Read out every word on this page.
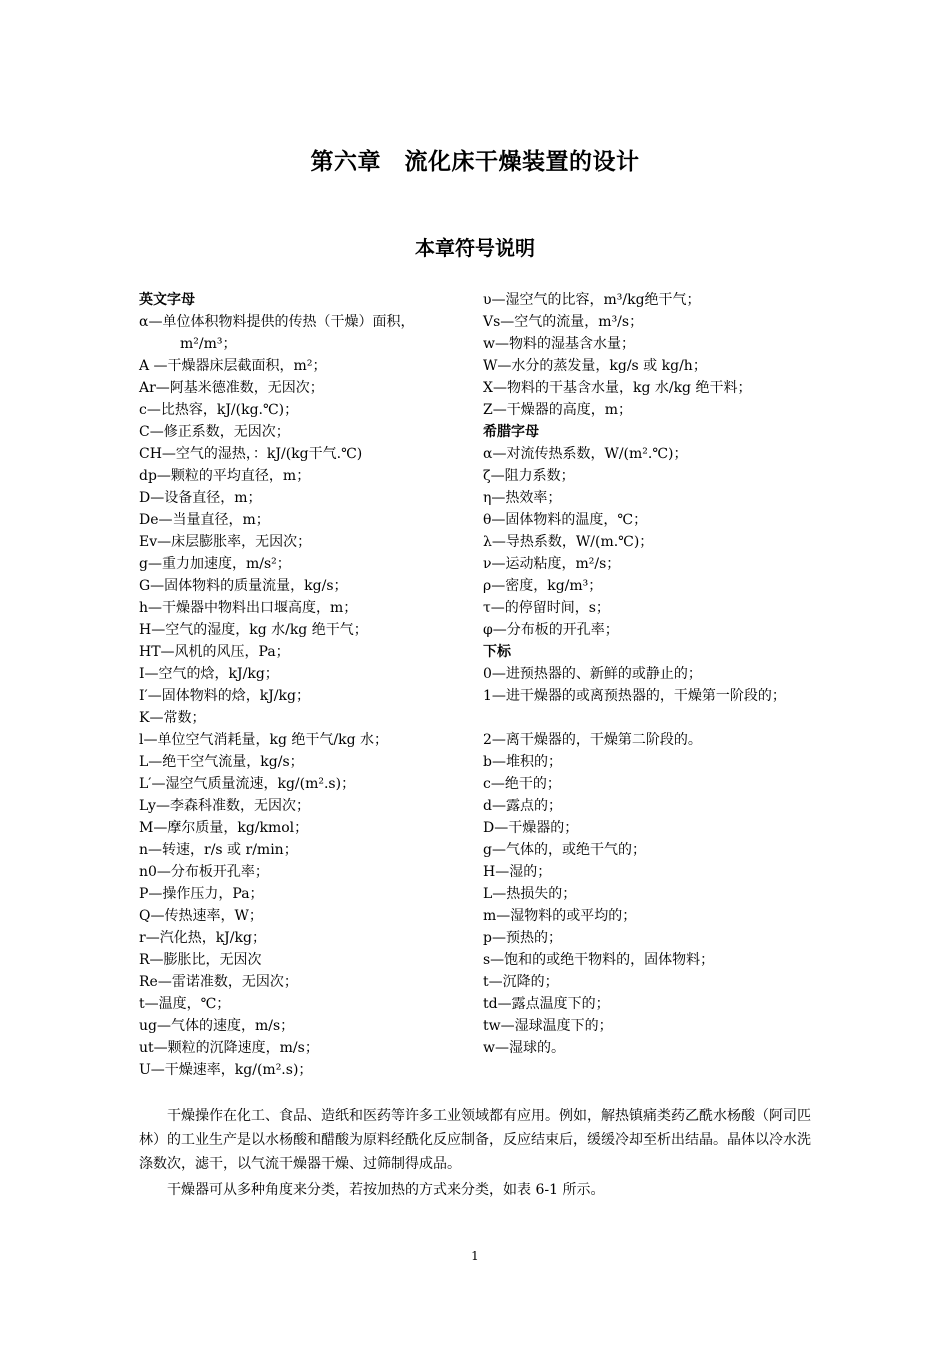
第六章　流化床干燥装置的设计
本章符号说明
英文字母
α—单位体积物料提供的传热（干燥）面积，
m²/m³；
A —干燥器床层截面积，m²；
Ar—阿基米德准数，无因次；
c—比热容，kJ/(kg.℃)；
C—修正系数，无因次；
CH—空气的湿热，：kJ/(kg干气.℃)
dp—颗粒的平均直径，m；
D—设备直径，m；
De—当量直径，m；
Ev—床层膨胀率，无因次；
g—重力加速度，m/s²；
G—固体物料的质量流量，kg/s；
h—干燥器中物料出口堰高度，m；
H—空气的湿度，kg 水/kg 绝干气；
HT—风机的风压，Pa；
I—空气的焓，kJ/kg；
I′—固体物料的焓，kJ/kg；
K—常数；
l—单位空气消耗量，kg 绝干气/kg 水；
L—绝干空气流量，kg/s；
L′—湿空气质量流速，kg/(m².s)；
Ly—李森科准数，无因次；
M—摩尔质量，kg/kmol；
n—转速，r/s 或 r/min；
n0—分布板开孔率；
P—操作压力，Pa；
Q—传热速率，W；
r—汽化热，kJ/kg；
R—膨胀比，无因次
Re—雷诺准数，无因次；
t—温度，℃；
ug—气体的速度，m/s；
ut—颗粒的沉降速度，m/s；
U—干燥速率，kg/(m².s)；
υ—湿空气的比容，m³/kg绝干气；
Vs—空气的流量，m³/s；
w—物料的湿基含水量；
W—水分的蒸发量，kg/s 或 kg/h；
X—物料的干基含水量，kg 水/kg 绝干料；
Z—干燥器的高度，m；
希腊字母
α—对流传热系数，W/(m².℃)；
ζ—阻力系数；
η—热效率；
θ—固体物料的温度，℃；
λ—导热系数，W/(m.℃)；
ν—运动粘度，m²/s；
ρ—密度，kg/m³；
τ—的停留时间，s；
φ—分布板的开孔率；
下标
0—进预热器的、新鲜的或静止的；
1—进干燥器的或离预热器的，干燥第一阶段的；
2—离干燥器的，干燥第二阶段的。
b—堆积的；
c—绝干的；
d—露点的；
D—干燥器的；
g—气体的，或绝干气的；
H—湿的；
L—热损失的；
m—湿物料的或平均的；
p—预热的；
s—饱和的或绝干物料的，固体物料；
t—沉降的；
td—露点温度下的；
tw—湿球温度下的；
w—湿球的。
干燥操作在化工、食品、造纸和医药等许多工业领域都有应用。例如，解热镇痛类药乙酰水杨酸（阿司匹林）的工业生产是以水杨酸和醋酸为原料经酰化反应制备，反应结束后，缓缓冷却至析出结晶。晶体以冷水洗涤数次，滤干，以气流干燥器干燥、过筛制得成品。
干燥器可从多种角度来分类，若按加热的方式来分类，如表 6-1 所示。
1
